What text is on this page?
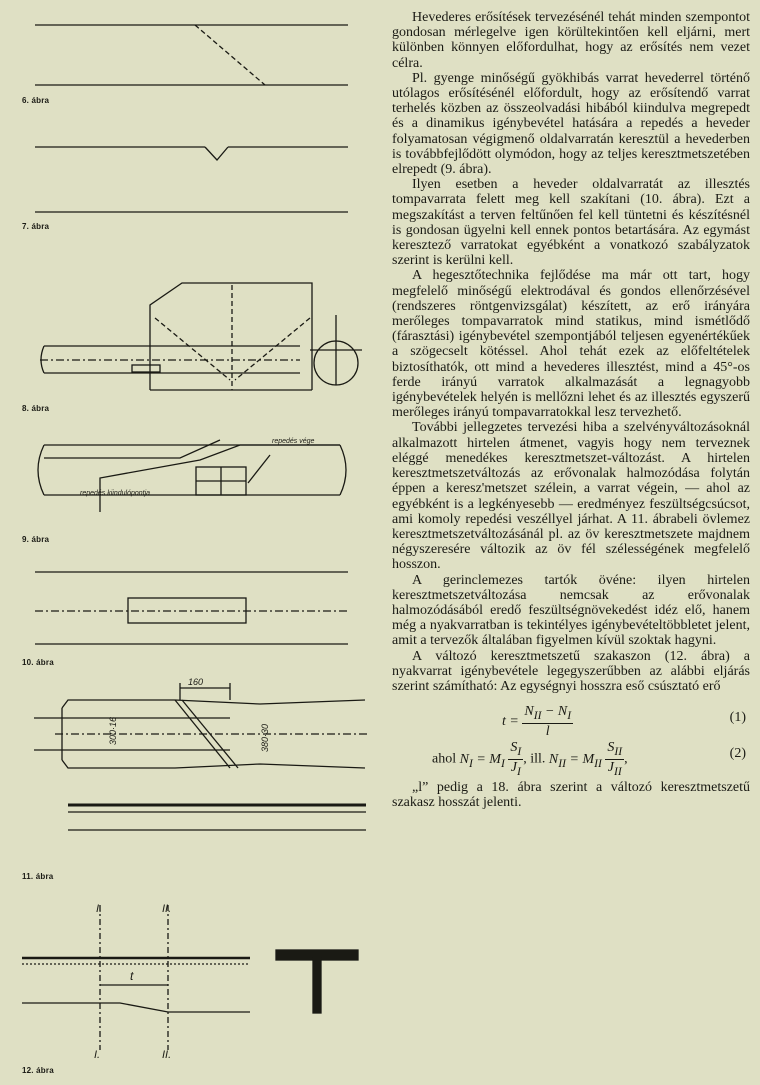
repedés vége
repedés kiindulópontja
160
300·16	380·30
I.	II.
t
I.	II.
6. ábra
7. ábra
8. ábra
9. ábra
10. ábra
11. ábra
12. ábra

Hevederes erősítések tervezésénél tehát minden szempontot gondosan mérlegelve igen körültekintően kell eljárni, mert különben könnyen előfordulhat, hogy az erősítés nem vezet célra.

Pl. gyenge minőségű gyökhibás varrat hevederrel történő utólagos erősítésénél előfordult, hogy az erősítendő varrat terhelés közben az összeolvadási hibából kiindulva megrepedt és a dinamikus igénybevétel hatására a repedés a heveder folyamatosan végigmenő oldalvarratán keresztül a hevederben is továbbfejlődött olymódon, hogy az teljes keresztmetszetében elrepedt (9. ábra).

Ilyen esetben a heveder oldalvarratát az illesztés tompavarrata felett meg kell szakítani (10. ábra). Ezt a megszakítást a terven feltűnően fel kell tüntetni és készítésnél is gondosan ügyelni kell ennek pontos betartására. Az egymást keresztező varratokat egyébként a vonatkozó szabályzatok szerint is kerülni kell.

A hegesztőtechnika fejlődése ma már ott tart, hogy megfelelő minőségű elektrodával és gondos ellenőrzésével (rendszeres röntgenvizsgálat) készített, az erő irányára merőleges tompavarratok mind statikus, mind ismétlődő (fárasztási) igénybevétel szempontjából teljesen egyenértékűek a szögecselt kötéssel. Ahol tehát ezek az előfeltételek biztosíthatók, ott mind a hevederes illesztést, mind a 45°-os ferde irányú varratok alkalmazását a legnagyobb igénybevételek helyén is mellőzni lehet és az illesztés egyszerű merőleges irányú tompavarratokkal lesz tervezhető.

További jellegzetes tervezési hiba a szelvényváltozásoknál alkalmazott hirtelen átmenet, vagyis hogy nem terveznek eléggé menedékes keresztmetszet-változást. A hirtelen keresztmetszetváltozás az erővonalak halmozódása folytán éppen a keresz'metszet szélein, a varrat végein, — ahol az egyébként is a legkényesebb — eredményez feszültségcsúcsot, ami komoly repedési veszéllyel járhat. A 11. ábrabeli övlemez keresztmetszetváltozásánál pl. az öv keresztmetszete majdnem négyszeresére változik az öv fél szélességének megfelelő hosszon.

A gerinclemezes tartók övéne: ilyen hirtelen keresztmetszetváltozása nemcsak az erővonalak halmozódásából eredő feszültségnövekedést idéz elő, hanem még a nyakvarratban is tekintélyes igénybevételtöbbletet jelent, amit a tervezők általában figyelmen kívül szoktak hagyni.

A változó keresztmetszetű szakaszon (12. ábra) a nyakvarrat igénybevétele legegyszerűbben az alábbi eljárás szerint számítható: Az egységnyi hosszra eső csúsztató erő

$t = \frac{N_{II} - N_I}{l}$	(1)
ahol $N_I = M_I \frac{S_I}{J_I}$ , ill. $N_{II} = M_{II} \frac{S_{II}}{J_{II}}$ ,	(2)

„l” pedig a 18. ábra szerint a változó keresztmetszetű szakasz hosszát jelenti.
